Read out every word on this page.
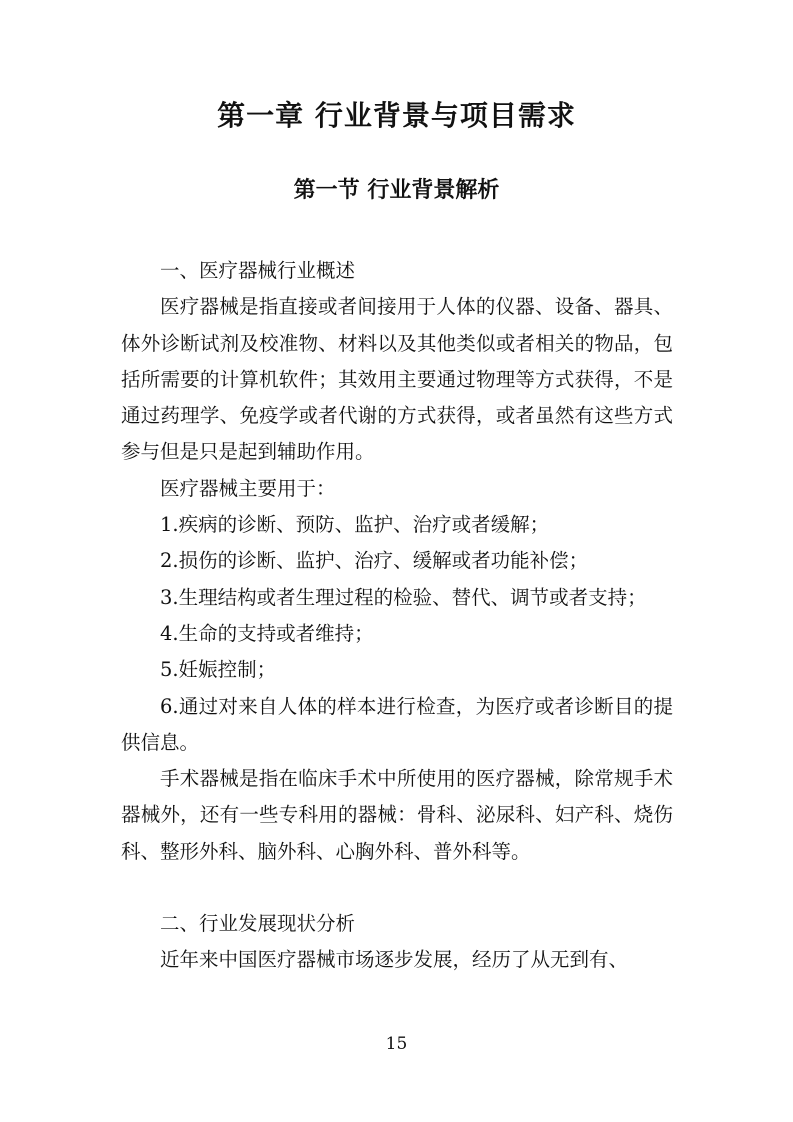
第一章 行业背景与项目需求
第一节 行业背景解析

一、医疗器械行业概述

医疗器械是指直接或者间接用于人体的仪器、设备、器具、体外诊断试剂及校准物、材料以及其他类似或者相关的物品，包括所需要的计算机软件；其效用主要通过物理等方式获得，不是通过药理学、免疫学或者代谢的方式获得，或者虽然有这些方式参与但是只是起到辅助作用。

医疗器械主要用于：

1.疾病的诊断、预防、监护、治疗或者缓解；

2.损伤的诊断、监护、治疗、缓解或者功能补偿；

3.生理结构或者生理过程的检验、替代、调节或者支持；

4.生命的支持或者维持；

5.妊娠控制；

6.通过对来自人体的样本进行检查，为医疗或者诊断目的提供信息。

手术器械是指在临床手术中所使用的医疗器械，除常规手术器械外，还有一些专科用的器械：骨科、泌尿科、妇产科、烧伤科、整形外科、脑外科、心胸外科、普外科等。

二、行业发展现状分析

近年来中国医疗器械市场逐步发展，经历了从无到有、

15
